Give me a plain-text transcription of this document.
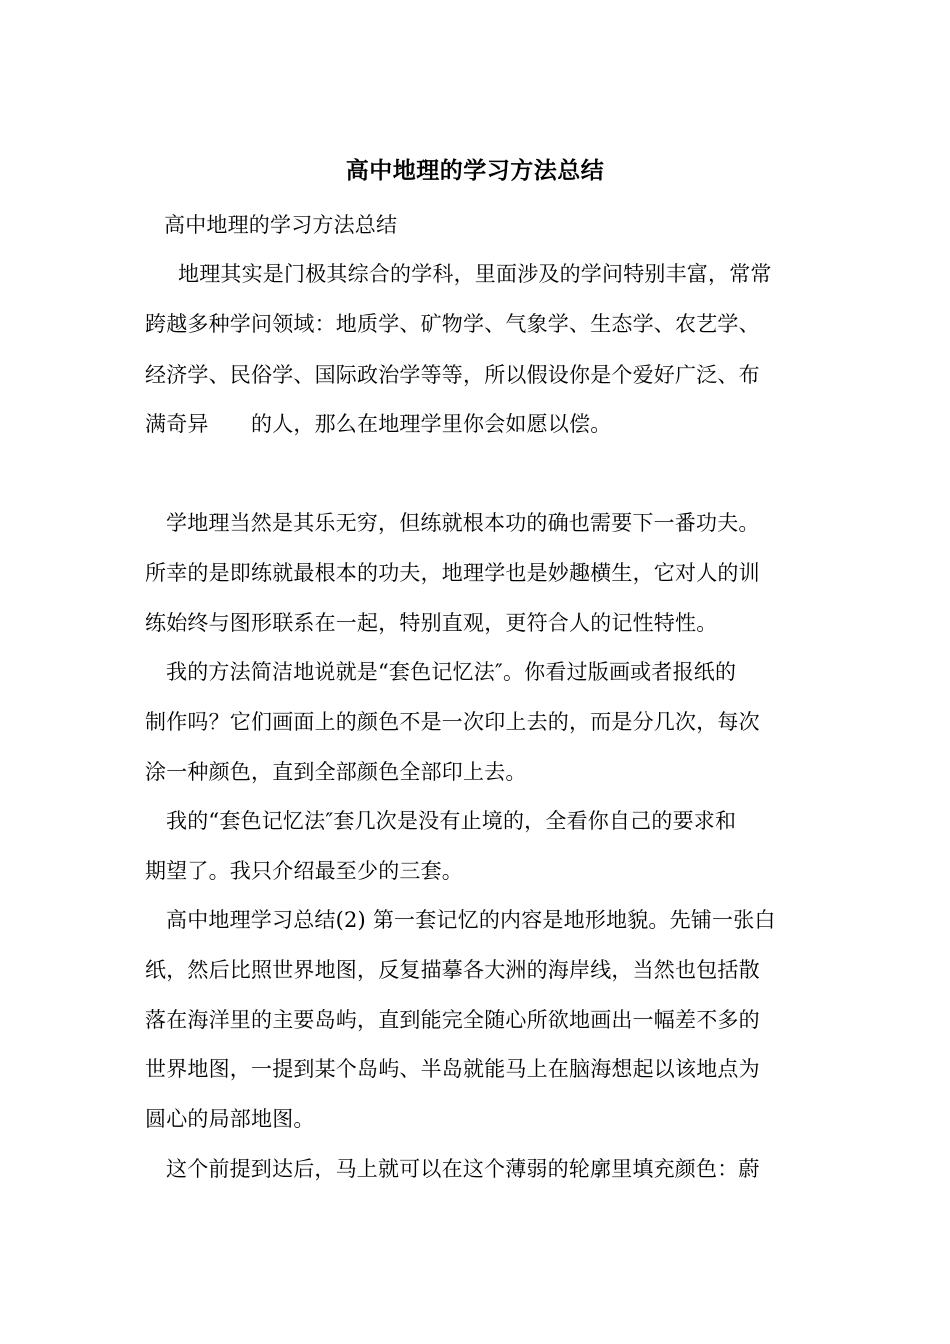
高中地理的学习方法总结
高中地理的学习方法总结
地理其实是门极其综合的学科，里面涉及的学问特别丰富，常常
跨越多种学问领域：地质学、矿物学、气象学、生态学、农艺学、
经济学、民俗学、国际政治学等等，所以假设你是个爱好广泛、布
满奇异　　的人，那么在地理学里你会如愿以偿。
学地理当然是其乐无穷，但练就根本功的确也需要下一番功夫。
所幸的是即练就最根本的功夫，地理学也是妙趣横生，它对人的训
练始终与图形联系在一起，特别直观，更符合人的记性特性。
我的方法简洁地说就是“套色记忆法″。你看过版画或者报纸的
制作吗？它们画面上的颜色不是一次印上去的，而是分几次，每次
涂一种颜色，直到全部颜色全部印上去。
我的“套色记忆法″套几次是没有止境的，全看你自己的要求和
期望了。我只介绍最至少的三套。
高中地理学习总结(2) 第一套记忆的内容是地形地貌。先铺一张白
纸，然后比照世界地图，反复描摹各大洲的海岸线，当然也包括散
落在海洋里的主要岛屿，直到能完全随心所欲地画出一幅差不多的
世界地图，一提到某个岛屿、半岛就能马上在脑海想起以该地点为
圆心的局部地图。
这个前提到达后，马上就可以在这个薄弱的轮廓里填充颜色：蔚
